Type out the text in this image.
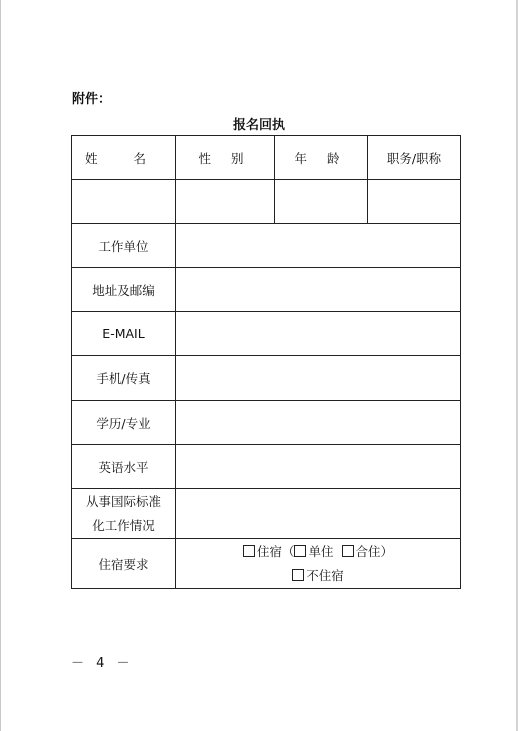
附件：
报名回执
姓 名	性 别	年 龄	职务/职称

工作单位			
地址及邮编			
E-MAIL			
手机/传真			
学历/专业			
英语水平			

从事国际标准
化工作情况			

住宿要求	住宿（ 单住 合住）
不住宿		
－ 4 －
